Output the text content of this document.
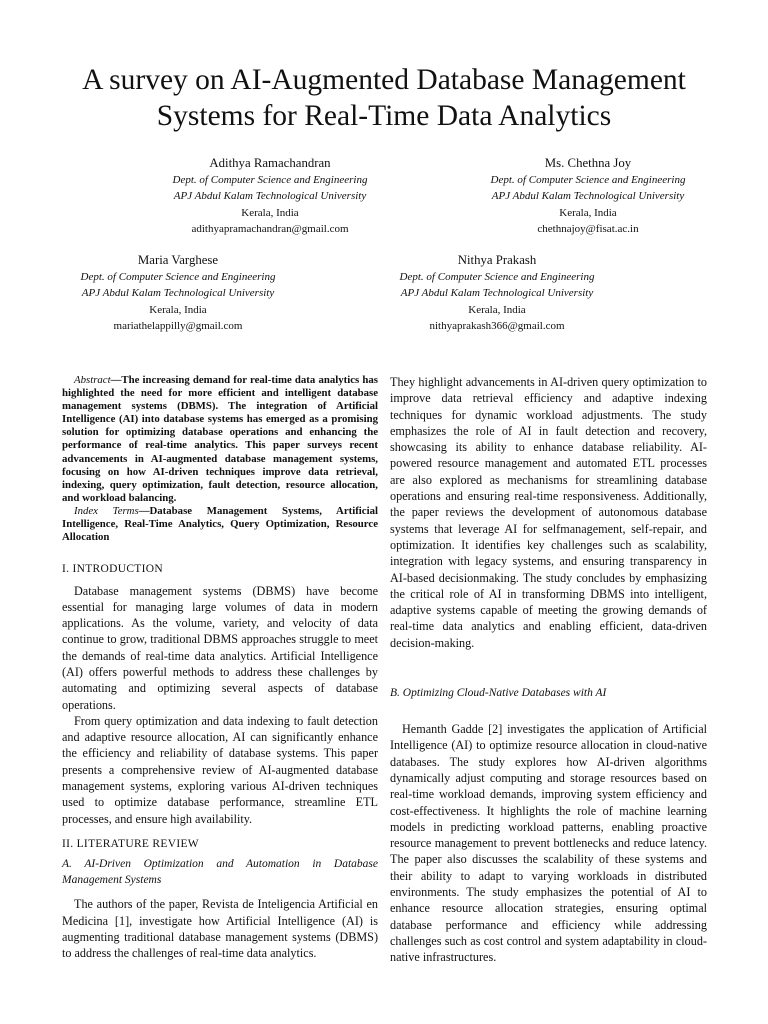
A survey on AI-Augmented Database Management
Systems for Real-Time Data Analytics
Adithya Ramachandran
Dept. of Computer Science and Engineering
APJ Abdul Kalam Technological University
Kerala, India
adithyapramachandran@gmail.com
Ms. Chethna Joy
Dept. of Computer Science and Engineering
APJ Abdul Kalam Technological University
Kerala, India
chethnajoy@fisat.ac.in
Maria Varghese
Dept. of Computer Science and Engineering
APJ Abdul Kalam Technological University
Kerala, India
mariathelappilly@gmail.com
Nithya Prakash
Dept. of Computer Science and Engineering
APJ Abdul Kalam Technological University
Kerala, India
nithyaprakash366@gmail.com

Abstract—The increasing demand for real-time data analytics has highlighted the need for more efficient and intelligent database management systems (DBMS). The integration of Artificial Intelligence (AI) into database systems has emerged as a promising solution for optimizing database operations and enhancing the performance of real-time analytics. This paper surveys recent advancements in AI-augmented database management systems, focusing on how AI-driven techniques improve data retrieval, indexing, query optimization, fault detection, resource allocation, and workload balancing.

Index Terms—Database Management Systems, Artificial Intelligence, Real-Time Analytics, Query Optimization, Resource Allocation

I. INTRODUCTION

Database management systems (DBMS) have become essential for managing large volumes of data in modern applications. As the volume, variety, and velocity of data continue to grow, traditional DBMS approaches struggle to meet the demands of real-time data analytics. Artificial Intelligence (AI) offers powerful methods to address these challenges by automating and optimizing several aspects of database operations.

From query optimization and data indexing to fault detection and adaptive resource allocation, AI can significantly enhance the efficiency and reliability of database systems. This paper presents a comprehensive review of AI-augmented database management systems, exploring various AI-driven techniques used to optimize database performance, streamline ETL processes, and ensure high availability.

II. LITERATURE REVIEW

A. AI-Driven Optimization and Automation in Database Management Systems

The authors of the paper, Revista de Inteligencia Artificial en Medicina [1], investigate how Artificial Intelligence (AI) is augmenting traditional database management systems (DBMS) to address the challenges of real-time data analytics.

They highlight advancements in AI-driven query optimization to improve data retrieval efficiency and adaptive indexing techniques for dynamic workload adjustments. The study emphasizes the role of AI in fault detection and recovery, showcasing its ability to enhance database reliability. AI-powered resource management and automated ETL processes are also explored as mechanisms for streamlining database operations and ensuring real-time responsiveness. Additionally, the paper reviews the development of autonomous database systems that leverage AI for selfmanagement, self-repair, and optimization. It identifies key challenges such as scalability, integration with legacy systems, and ensuring transparency in AI-based decisionmaking. The study concludes by emphasizing the critical role of AI in transforming DBMS into intelligent, adaptive systems capable of meeting the growing demands of real-time data analytics and enabling efficient, data-driven decision-making.

B. Optimizing Cloud-Native Databases with AI

Hemanth Gadde [2] investigates the application of Artificial Intelligence (AI) to optimize resource allocation in cloud-native databases. The study explores how AI-driven algorithms dynamically adjust computing and storage resources based on real-time workload demands, improving system efficiency and cost-effectiveness. It highlights the role of machine learning models in predicting workload patterns, enabling proactive resource management to prevent bottlenecks and reduce latency. The paper also discusses the scalability of these systems and their ability to adapt to varying workloads in distributed environments. The study emphasizes the potential of AI to enhance resource allocation strategies, ensuring optimal database performance and efficiency while addressing challenges such as cost control and system adaptability in cloud-native infrastructures.
